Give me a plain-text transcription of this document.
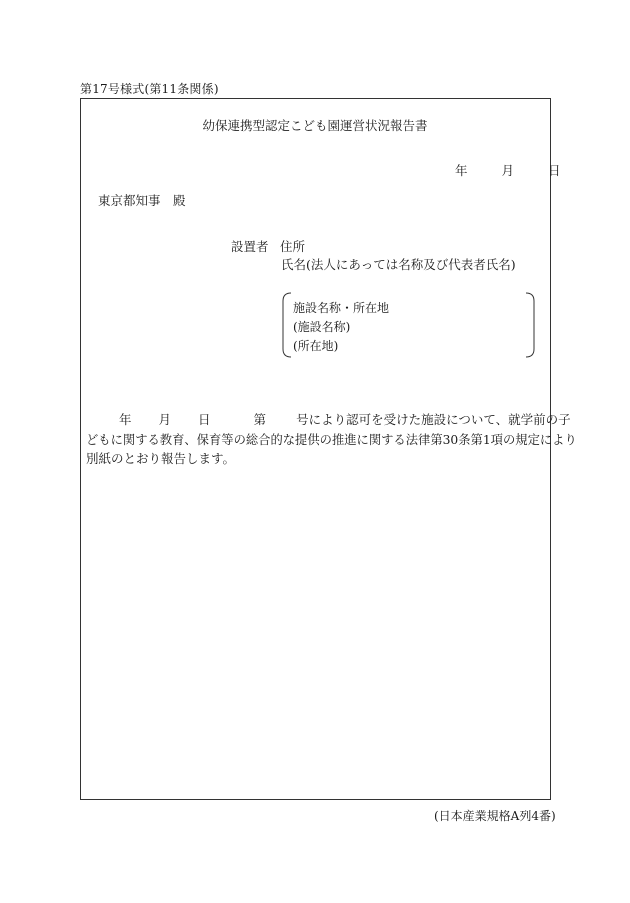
第17号様式(第11条関係)
幼保連携型認定こども園運営状況報告書
年	月	日
東京都知事　殿
設置者 住所
氏名(法人にあっては名称及び代表者氏名)
施設名称・所在地
(施設名称)
(所在地)
年 月 日	第 号により認可を受けた施設について、就学前の子
どもに関する教育、保育等の総合的な提供の推進に関する法律第30条第1項の規定により
別紙のとおり報告します。
(日本産業規格A列4番)
